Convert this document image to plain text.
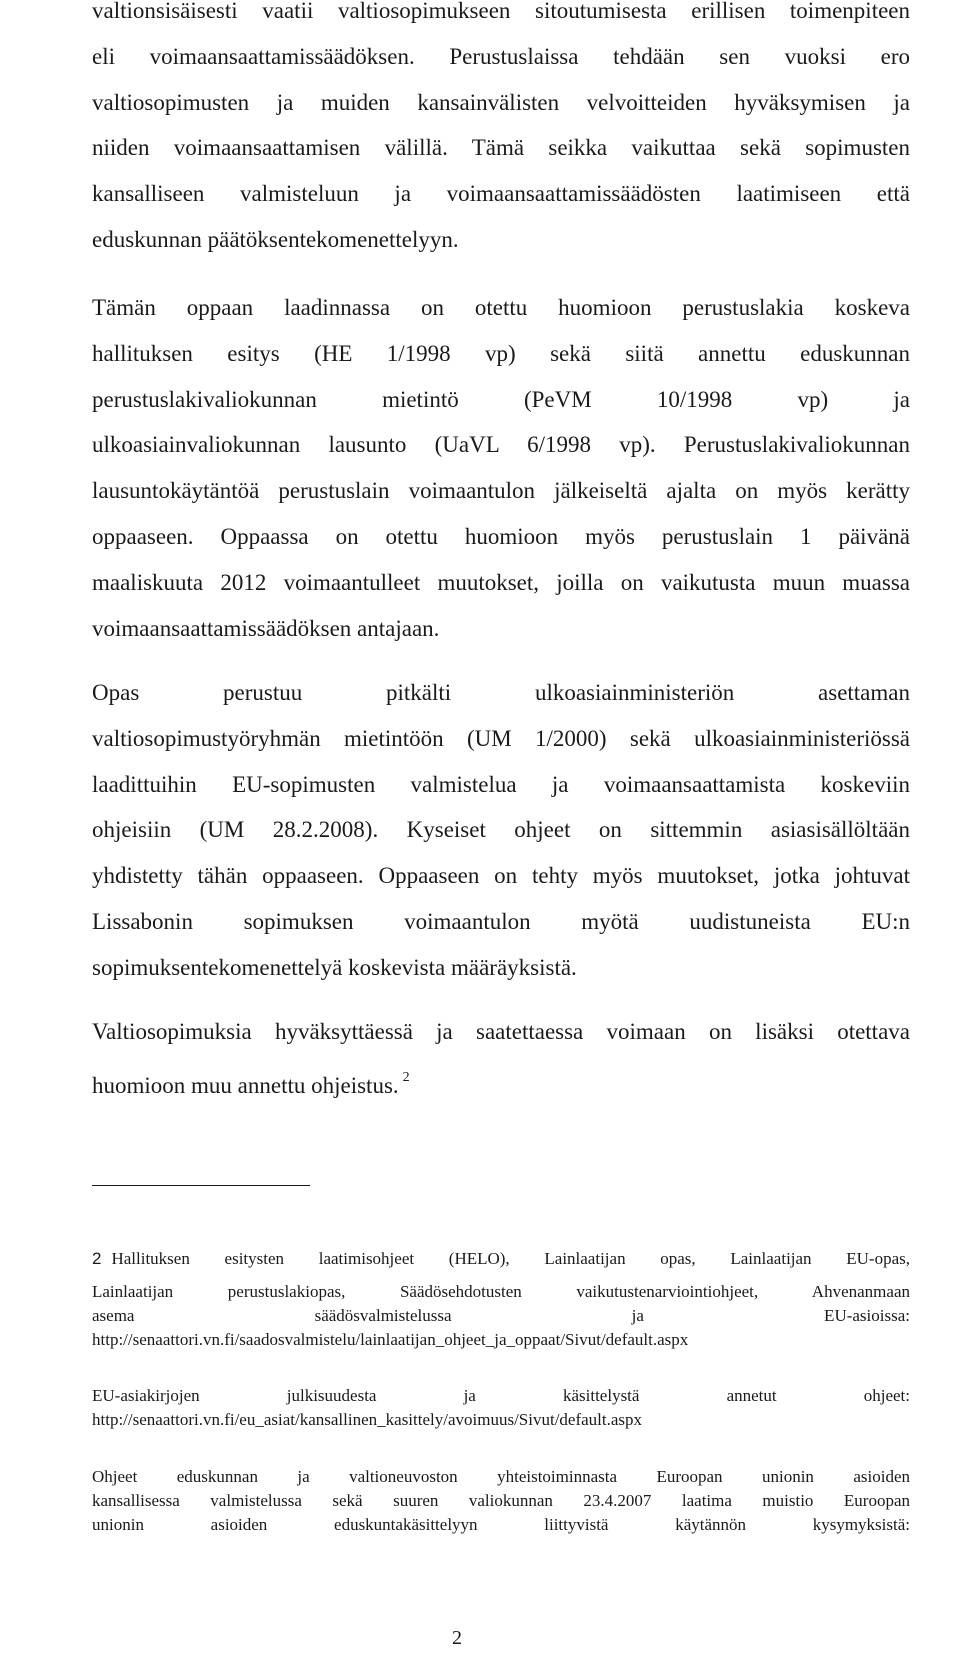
valtionsisäisesti vaatii valtiosopimukseen sitoutumisesta erillisen toimenpiteen
eli voimaansaattamissäädöksen. Perustuslaissa tehdään sen vuoksi ero
valtiosopimusten ja muiden kansainvälisten velvoitteiden hyväksymisen ja
niiden voimaansaattamisen välillä. Tämä seikka vaikuttaa sekä sopimusten
kansalliseen valmisteluun ja voimaansaattamissäädösten laatimiseen että
eduskunnan päätöksentekomenettelyyn.

Tämän oppaan laadinnassa on otettu huomioon perustuslakia koskeva
hallituksen esitys (HE 1/1998 vp) sekä siitä annettu eduskunnan
perustuslakivaliokunnan mietintö (PeVM 10/1998 vp) ja
ulkoasiainvaliokunnan lausunto (UaVL 6/1998 vp). Perustuslakivaliokunnan
lausuntokäytäntöä perustuslain voimaantulon jälkeiseltä ajalta on myös kerätty
oppaaseen. Oppaassa on otettu huomioon myös perustuslain 1 päivänä
maaliskuuta 2012 voimaantulleet muutokset, joilla on vaikutusta muun muassa
voimaansaattamissäädöksen antajaan.

Opas perustuu pitkälti ulkoasiainministeriön asettaman
valtiosopimustyöryhmän mietintöön (UM 1/2000) sekä ulkoasiainministeriössä
laadittuihin EU-sopimusten valmistelua ja voimaansaattamista koskeviin
ohjeisiin (UM 28.2.2008). Kyseiset ohjeet on sittemmin asiasisällöltään
yhdistetty tähän oppaaseen. Oppaaseen on tehty myös muutokset, jotka johtuvat
Lissabonin sopimuksen voimaantulon myötä uudistuneista EU:n
sopimuksentekomenettelyä koskevista määräyksistä.

Valtiosopimuksia hyväksyttäessä ja saatettaessa voimaan on lisäksi otettava
huomioon muu annettu ohjeistus. $^2$

2 Hallituksen esitysten laatimisohjeet (HELO), Lainlaatijan opas, Lainlaatijan EU-opas,
Lainlaatijan perustuslakiopas, Säädösehdotusten vaikutustenarviointiohjeet, Ahvenanmaan
asema säädösvalmistelussa ja EU-asioissa:
http://senaattori.vn.fi/saadosvalmistelu/lainlaatijan_ohjeet_ja_oppaat/Sivut/default.aspx
EU-asiakirjojen julkisuudesta ja käsittelystä annetut ohjeet:
http://senaattori.vn.fi/eu_asiat/kansallinen_kasittely/avoimuus/Sivut/default.aspx
Ohjeet eduskunnan ja valtioneuvoston yhteistoiminnasta Euroopan unionin asioiden
kansallisessa valmistelussa sekä suuren valiokunnan 23.4.2007 laatima muistio Euroopan
unionin asioiden eduskuntakäsittelyyn liittyvistä käytännön kysymyksistä:
2
